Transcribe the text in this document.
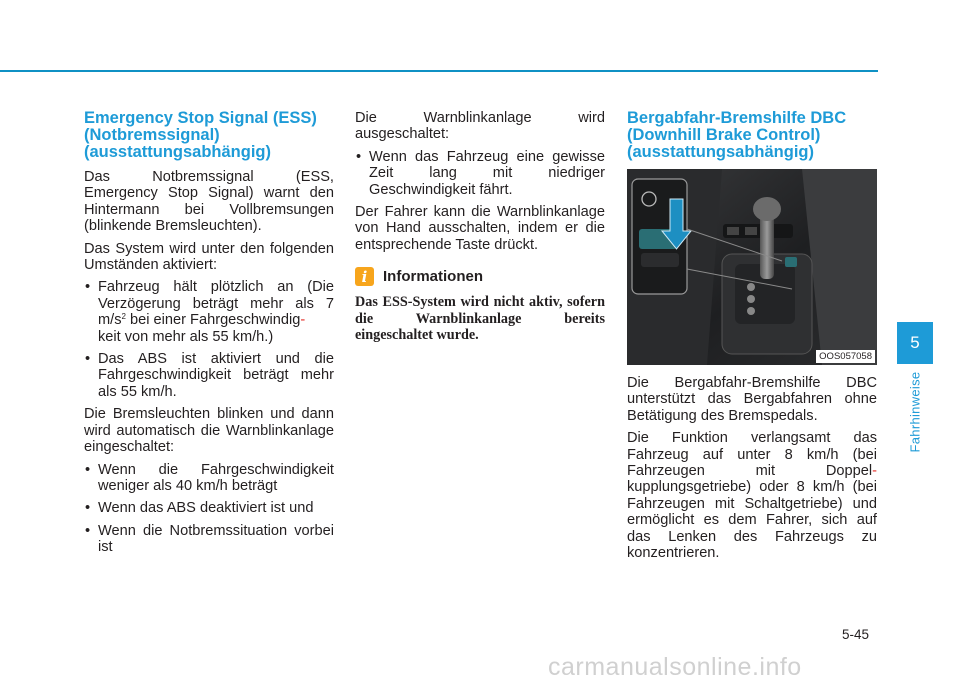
Emergency Stop Signal (ESS)
(Notbremssignal)
(ausstattungsabhängig)

Das Notbremssignal (ESS, Emergency Stop Signal) warnt den Hintermann bei Vollbremsungen (blinkende Bremsleuchten).

Das System wird unter den folgenden Umständen aktiviert:

• Fahrzeug hält plötzlich an (Die Verzögerung beträgt mehr als 7 $m/s^2$ bei einer Fahrgeschwindig-
keit von mehr als 55 km/h.)
• Das ABS ist aktiviert und die Fahrgeschwindigkeit beträgt mehr als 55 km/h.

Die Bremsleuchten blinken und dann wird automatisch die Warnblinkanlage eingeschaltet:

• Wenn die Fahrgeschwindigkeit weniger als 40 km/h beträgt
• Wenn das ABS deaktiviert ist und
• Wenn die Notbremssituation vorbei ist

Die Warnblinkanlage wird ausgeschaltet:

• Wenn das Fahrzeug eine gewisse Zeit lang mit niedriger Geschwindigkeit fährt.

Der Fahrer kann die Warnblinkanlage von Hand ausschalten, indem er die entsprechende Taste drückt.

i	Informationen

Das ESS-System wird nicht aktiv, sofern die Warnblinkanlage bereits eingeschaltet wurde.

Bergabfahr-Bremshilfe DBC
(Downhill Brake Control)
(ausstattungsabhängig)
OOS057058

Die Bergabfahr-Bremshilfe DBC unterstützt das Bergabfahren ohne Betätigung des Bremspedals.

Die Funktion verlangsamt das Fahrzeug auf unter 8 km/h (bei Fahrzeugen mit Doppel- kupplungsgetriebe) oder 8 km/h (bei Fahrzeugen mit Schaltgetriebe) und ermöglicht es dem Fahrer, sich auf das Lenken des Fahrzeugs zu konzentrieren.

5
Fahrhinweise
5-45
carmanualsonline.info
